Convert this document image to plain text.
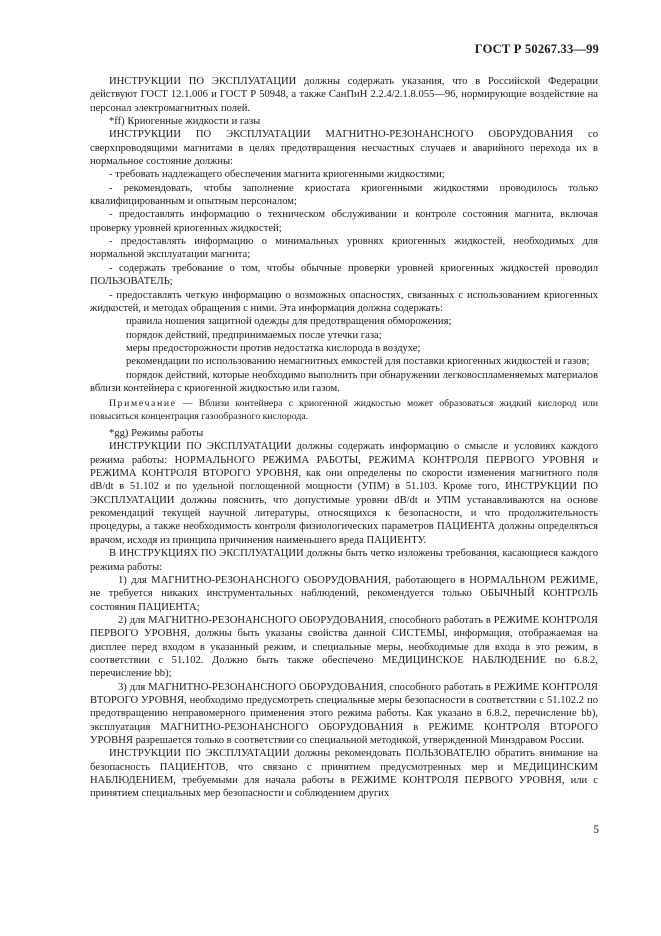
ГОСТ Р 50267.33—99

ИНСТРУКЦИИ ПО ЭКСПЛУАТАЦИИ должны содержать указания, что в Российской Федерации действуют ГОСТ 12.1.006 и ГОСТ Р 50948, а также СанПиН 2.2.4/2.1.8.055—96, нормирующие воздействие на персонал электромагнитных полей.

*ff) Криогенные жидкости и газы

ИНСТРУКЦИИ ПО ЭКСПЛУАТАЦИИ МАГНИТНО-РЕЗОНАНСНОГО ОБОРУДОВАНИЯ со сверхпроводящими магнитами в целях предотвращения несчастных случаев и аварийного перехода их в нормальное состояние должны:

- требовать надлежащего обеспечения магнита криогенными жидкостями;

- рекомендовать, чтобы заполнение криостата криогенными жидкостями проводилось только квалифицированным и опытным персоналом;

- предоставлять информацию о техническом обслуживании и контроле состояния магнита, включая проверку уровней криогенных жидкостей;

- предоставлять информацию о минимальных уровнях криогенных жидкостей, необходимых для нормальной эксплуатации магнита;

- содержать требование о том, чтобы обычные проверки уровней криогенных жидкостей проводил ПОЛЬЗОВАТЕЛЬ;

- предоставлять четкую информацию о возможных опасностях, связанных с использованием криогенных жидкостей, и методах обращения с ними. Эта информация должна содержать:

правила ношения защитной одежды для предотвращения обморожения;

порядок действий, предпринимаемых после утечки газа;

меры предосторожности против недостатка кислорода в воздухе;

рекомендации по использованию немагнитных емкостей для поставки криогенных жидкостей и газов;

порядок действий, которые необходимо выполнить при обнаружении легковоспламеняемых материалов вблизи контейнера с криогенной жидкостью или газом.

Примечание — Вблизи контейнера с криогенной жидкостью может образоваться жидкий кислород или повыситься концентрация газообразного кислорода.

*gg) Режимы работы

ИНСТРУКЦИИ ПО ЭКСПЛУАТАЦИИ должны содержать информацию о смысле и условиях каждого режима работы: НОРМАЛЬНОГО РЕЖИМА РАБОТЫ, РЕЖИМА КОНТРОЛЯ ПЕРВОГО УРОВНЯ и РЕЖИМА КОНТРОЛЯ ВТОРОГО УРОВНЯ, как они определены по скорости изменения магнитного поля dB/dt в 51.102 и по удельной поглощенной мощности (УПМ) в 51.103. Кроме того, ИНСТРУКЦИИ ПО ЭКСПЛУАТАЦИИ должны пояснить, что допустимые уровни dB/dt и УПМ устанавливаются на основе рекомендаций текущей научной литературы, относящихся к безопасности, и что продолжительность процедуры, а также необходимость контроля физиологических параметров ПАЦИЕНТА должны определяться врачом, исходя из принципа причинения наименьшего вреда ПАЦИЕНТУ.

В ИНСТРУКЦИЯХ ПО ЭКСПЛУАТАЦИИ должны быть четко изложены требования, касающиеся каждого режима работы:

1) для МАГНИТНО-РЕЗОНАНСНОГО ОБОРУДОВАНИЯ, работающего в НОРМАЛЬНОМ РЕЖИМЕ, не требуется никаких инструментальных наблюдений, рекомендуется только ОБЫЧНЫЙ КОНТРОЛЬ состояния ПАЦИЕНТА;

2) для МАГНИТНО-РЕЗОНАНСНОГО ОБОРУДОВАНИЯ, способного работать в РЕЖИМЕ КОНТРОЛЯ ПЕРВОГО УРОВНЯ, должны быть указаны свойства данной СИСТЕМЫ, информация, отображаемая на дисплее перед входом в указанный режим, и специальные меры, необходимые для входа в это режим, в соответствии с 51.102. Должно быть также обеспечено МЕДИЦИНСКОЕ НАБЛЮДЕНИЕ по 6.8.2, перечисление bb);

3) для МАГНИТНО-РЕЗОНАНСНОГО ОБОРУДОВАНИЯ, способного работать в РЕЖИМЕ КОНТРОЛЯ ВТОРОГО УРОВНЯ, необходимо предусмотреть специальные меры безопасности в соответствии с 51.102.2 по предотвращению неправомерного применения этого режима работы. Как указано в 6.8.2, перечисление bb), эксплуатация МАГНИТНО-РЕЗОНАНСНОГО ОБОРУДОВАНИЯ в РЕЖИМЕ КОНТРОЛЯ ВТОРОГО УРОВНЯ разрешается только в соответствии со специальной методикой, утвержденной Минздравом России.

ИНСТРУКЦИИ ПО ЭКСПЛУАТАЦИИ должны рекомендовать ПОЛЬЗОВАТЕЛЮ обратить внимание на безопасность ПАЦИЕНТОВ, что связано с принятием предусмотренных мер и МЕДИЦИНСКИМ НАБЛЮДЕНИЕМ, требуемыми для начала работы в РЕЖИМЕ КОНТРОЛЯ ПЕРВОГО УРОВНЯ, или с принятием специальных мер безопасности и соблюдением других

5
